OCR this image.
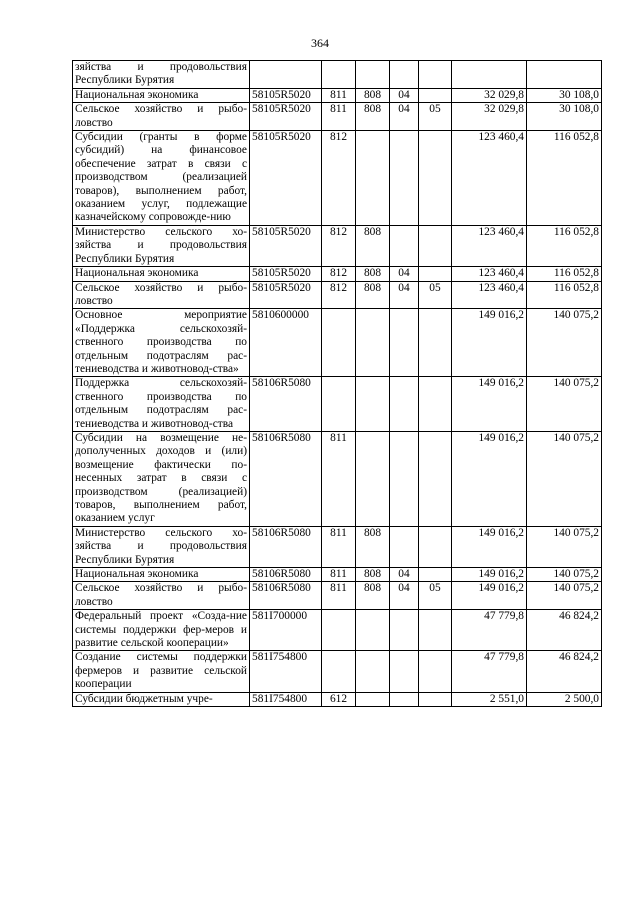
364
зяйства и продовольствия Республики Бурятия							
Национальная экономика	58105R5020	811	808	04		32 029,8	30 108,0
Сельское хозяйство и рыбо-ловство	58105R5020	811	808	04	05	32 029,8	30 108,0
Субсидии (гранты в форме субсидий) на финансовое обеспечение затрат в связи с производством (реализацией товаров), выполнением работ, оказанием услуг, подлежащие казначейскому сопровожде-нию	58105R5020	812				123 460,4	116 052,8
Министерство сельского хо-зяйства и продовольствия Республики Бурятия	58105R5020	812	808			123 460,4	116 052,8
Национальная экономика	58105R5020	812	808	04		123 460,4	116 052,8
Сельское хозяйство и рыбо-ловство	58105R5020	812	808	04	05	123 460,4	116 052,8
Основное мероприятие «Поддержка сельскохозяй-ственного производства по отдельным подотраслям рас-тениеводства и животновод-ства»	5810600000					149 016,2	140 075,2
Поддержка сельскохозяй-ственного производства по отдельным подотраслям рас-тениеводства и животновод-ства	58106R5080					149 016,2	140 075,2
Субсидии на возмещение не-дополученных доходов и (или) возмещение фактически по-несенных затрат в связи с производством (реализацией) товаров, выполнением работ, оказанием услуг	58106R5080	811				149 016,2	140 075,2
Министерство сельского хо-зяйства и продовольствия Республики Бурятия	58106R5080	811	808			149 016,2	140 075,2
Национальная экономика	58106R5080	811	808	04		149 016,2	140 075,2
Сельское хозяйство и рыбо-ловство	58106R5080	811	808	04	05	149 016,2	140 075,2
Федеральный проект «Созда-ние системы поддержки фер-меров и развитие сельской кооперации»	581I700000					47 779,8	46 824,2
Создание системы поддержки фермеров и развитие сельской кооперации	581I754800					47 779,8	46 824,2
Субсидии бюджетным учре-	581I754800	612				2 551,0	2 500,0
